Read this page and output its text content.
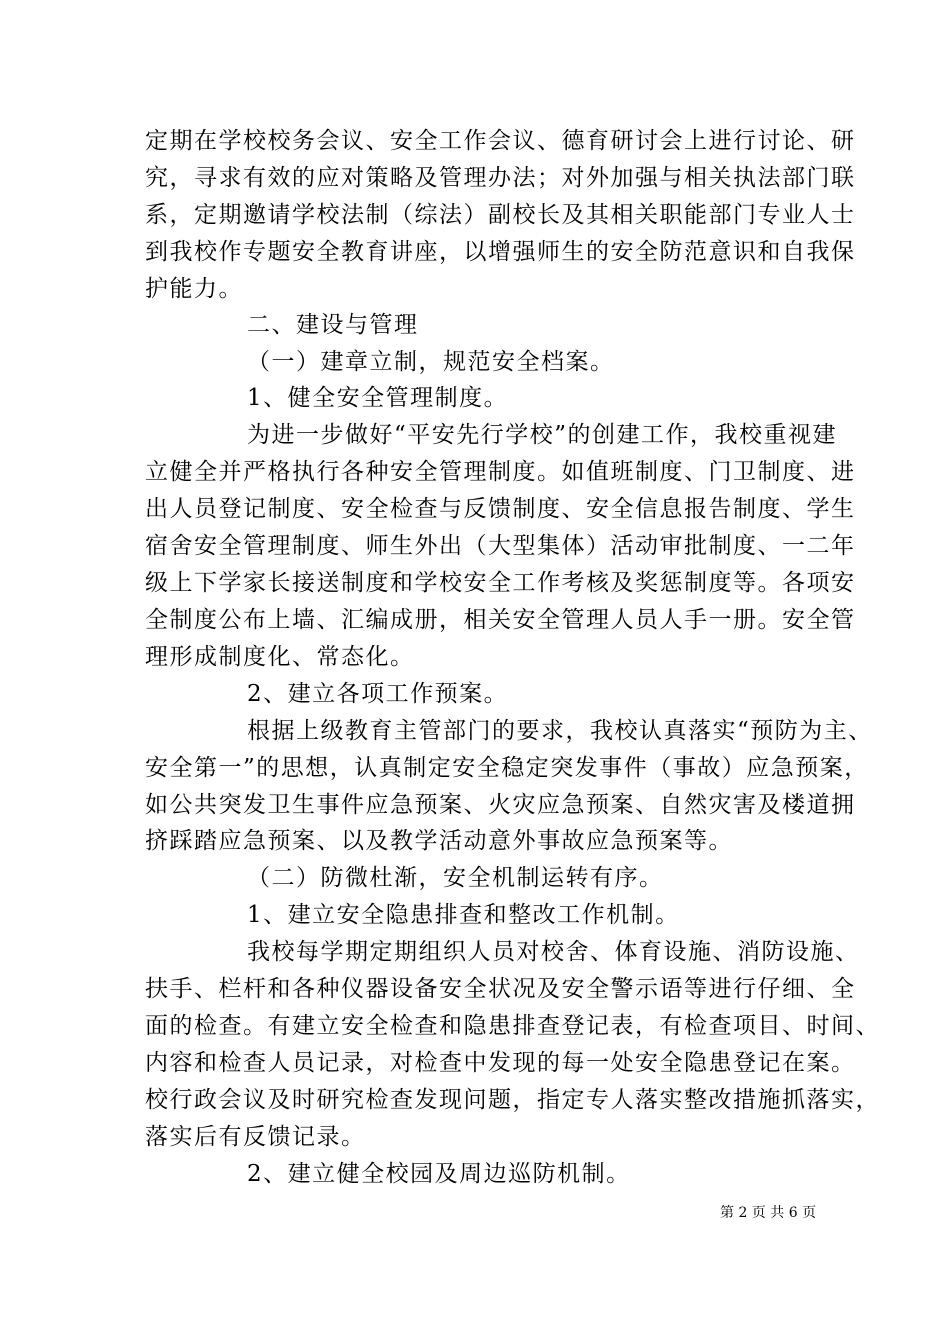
定期在学校校务会议、安全工作会议、德育研讨会上进行讨论、研
究，寻求有效的应对策略及管理办法；对外加强与相关执法部门联
系，定期邀请学校法制（综法）副校长及其相关职能部门专业人士
到我校作专题安全教育讲座，以增强师生的安全防范意识和自我保
护能力。
二、建设与管理
（一）建章立制，规范安全档案。
1、健全安全管理制度。
为进一步做好“平安先行学校”的创建工作，我校重视建
立健全并严格执行各种安全管理制度。如值班制度、门卫制度、进
出人员登记制度、安全检查与反馈制度、安全信息报告制度、学生
宿舍安全管理制度、师生外出（大型集体）活动审批制度、一二年
级上下学家长接送制度和学校安全工作考核及奖惩制度等。各项安
全制度公布上墙、汇编成册，相关安全管理人员人手一册。安全管
理形成制度化、常态化。
2、建立各项工作预案。
根据上级教育主管部门的要求，我校认真落实“预防为主、
安全第一”的思想，认真制定安全稳定突发事件（事故）应急预案，
如公共突发卫生事件应急预案、火灾应急预案、自然灾害及楼道拥
挤踩踏应急预案、以及教学活动意外事故应急预案等。
（二）防微杜渐，安全机制运转有序。
1、建立安全隐患排查和整改工作机制。
我校每学期定期组织人员对校舍、体育设施、消防设施、
扶手、栏杆和各种仪器设备安全状况及安全警示语等进行仔细、全
面的检查。有建立安全检查和隐患排查登记表，有检查项目、时间、
内容和检查人员记录，对检查中发现的每一处安全隐患登记在案。
校行政会议及时研究检查发现问题，指定专人落实整改措施抓落实，
落实后有反馈记录。
2、建立健全校园及周边巡防机制。
第 2 页 共 6 页
